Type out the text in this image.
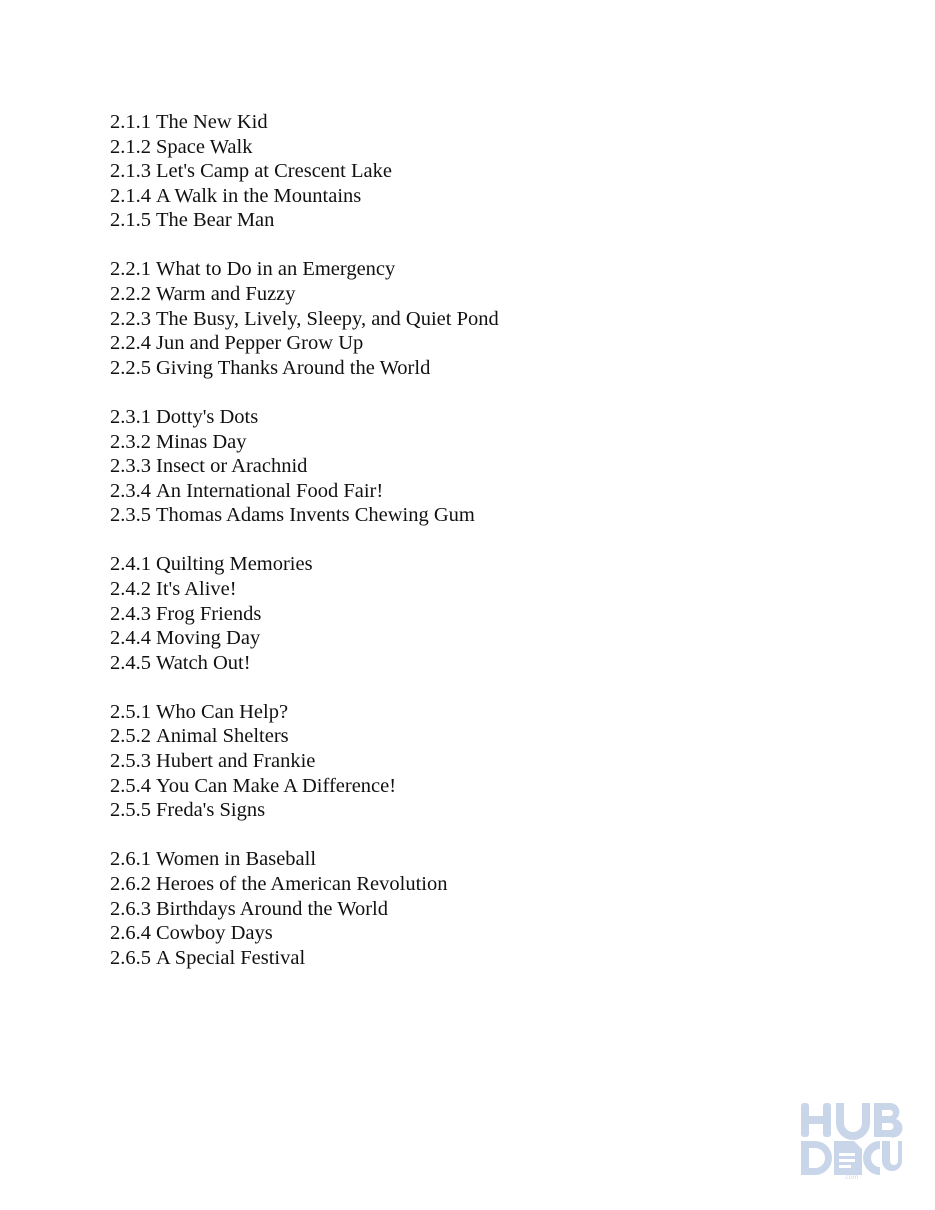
2.1.1 The New Kid
2.1.2 Space Walk
2.1.3 Let's Camp at Crescent Lake
2.1.4 A Walk in the Mountains
2.1.5 The Bear Man
2.2.1 What to Do in an Emergency
2.2.2 Warm and Fuzzy
2.2.3 The Busy, Lively, Sleepy, and Quiet Pond
2.2.4 Jun and Pepper Grow Up
2.2.5 Giving Thanks Around the World
2.3.1 Dotty's Dots
2.3.2 Minas Day
2.3.3 Insect or Arachnid
2.3.4 An International Food Fair!
2.3.5 Thomas Adams Invents Chewing Gum
2.4.1 Quilting Memories
2.4.2 It's Alive!
2.4.3 Frog Friends
2.4.4 Moving Day
2.4.5 Watch Out!
2.5.1 Who Can Help?
2.5.2 Animal Shelters
2.5.3 Hubert and Frankie
2.5.4 You Can Make A Difference!
2.5.5 Freda's Signs
2.6.1 Women in Baseball
2.6.2 Heroes of the American Revolution
2.6.3 Birthdays Around the World
2.6.4 Cowboy Days
2.6.5 A Special Festival
.com
